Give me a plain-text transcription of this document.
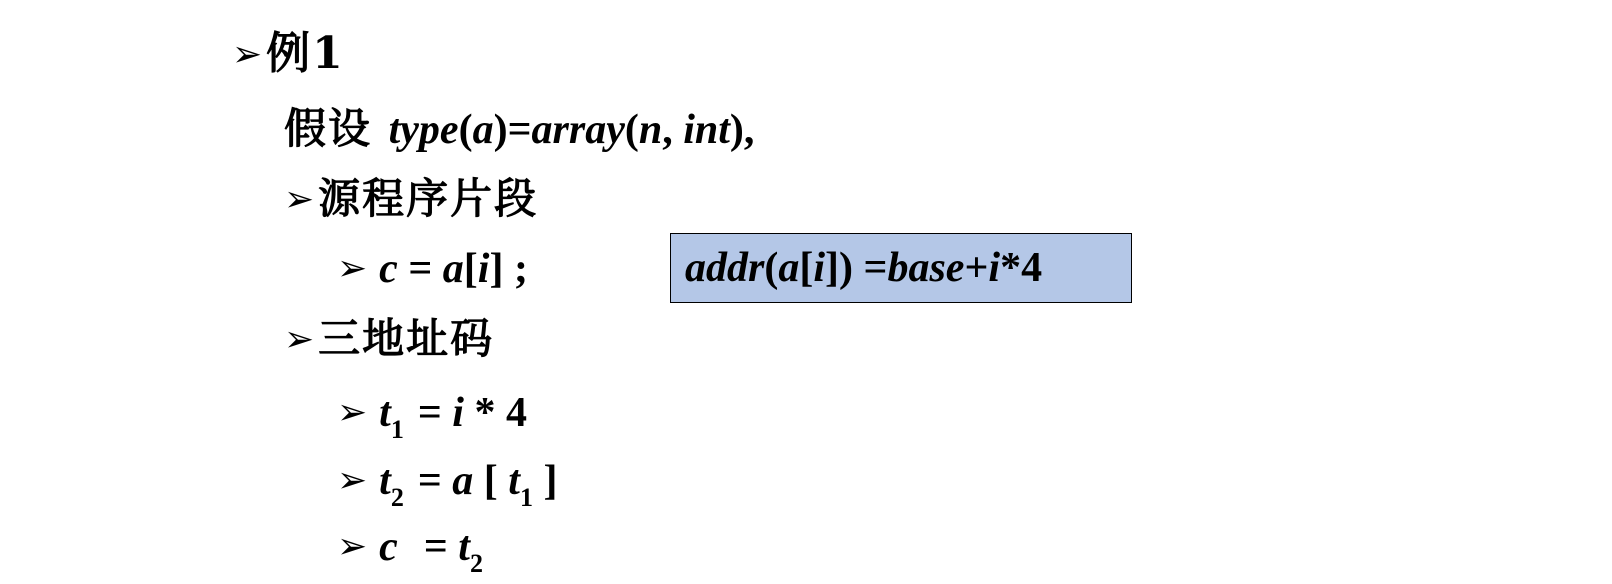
➢例1
假设 type(a)=array(n, int),
➢源程序片段
➢ c = a[i] ;	addr ( a [ i ] ) = base + i *4
➢三地址码
➢ $t_1 = i * 4$
➢ $t_2 = a$ [ $t_1$ ]
➢ $c = t_2$
